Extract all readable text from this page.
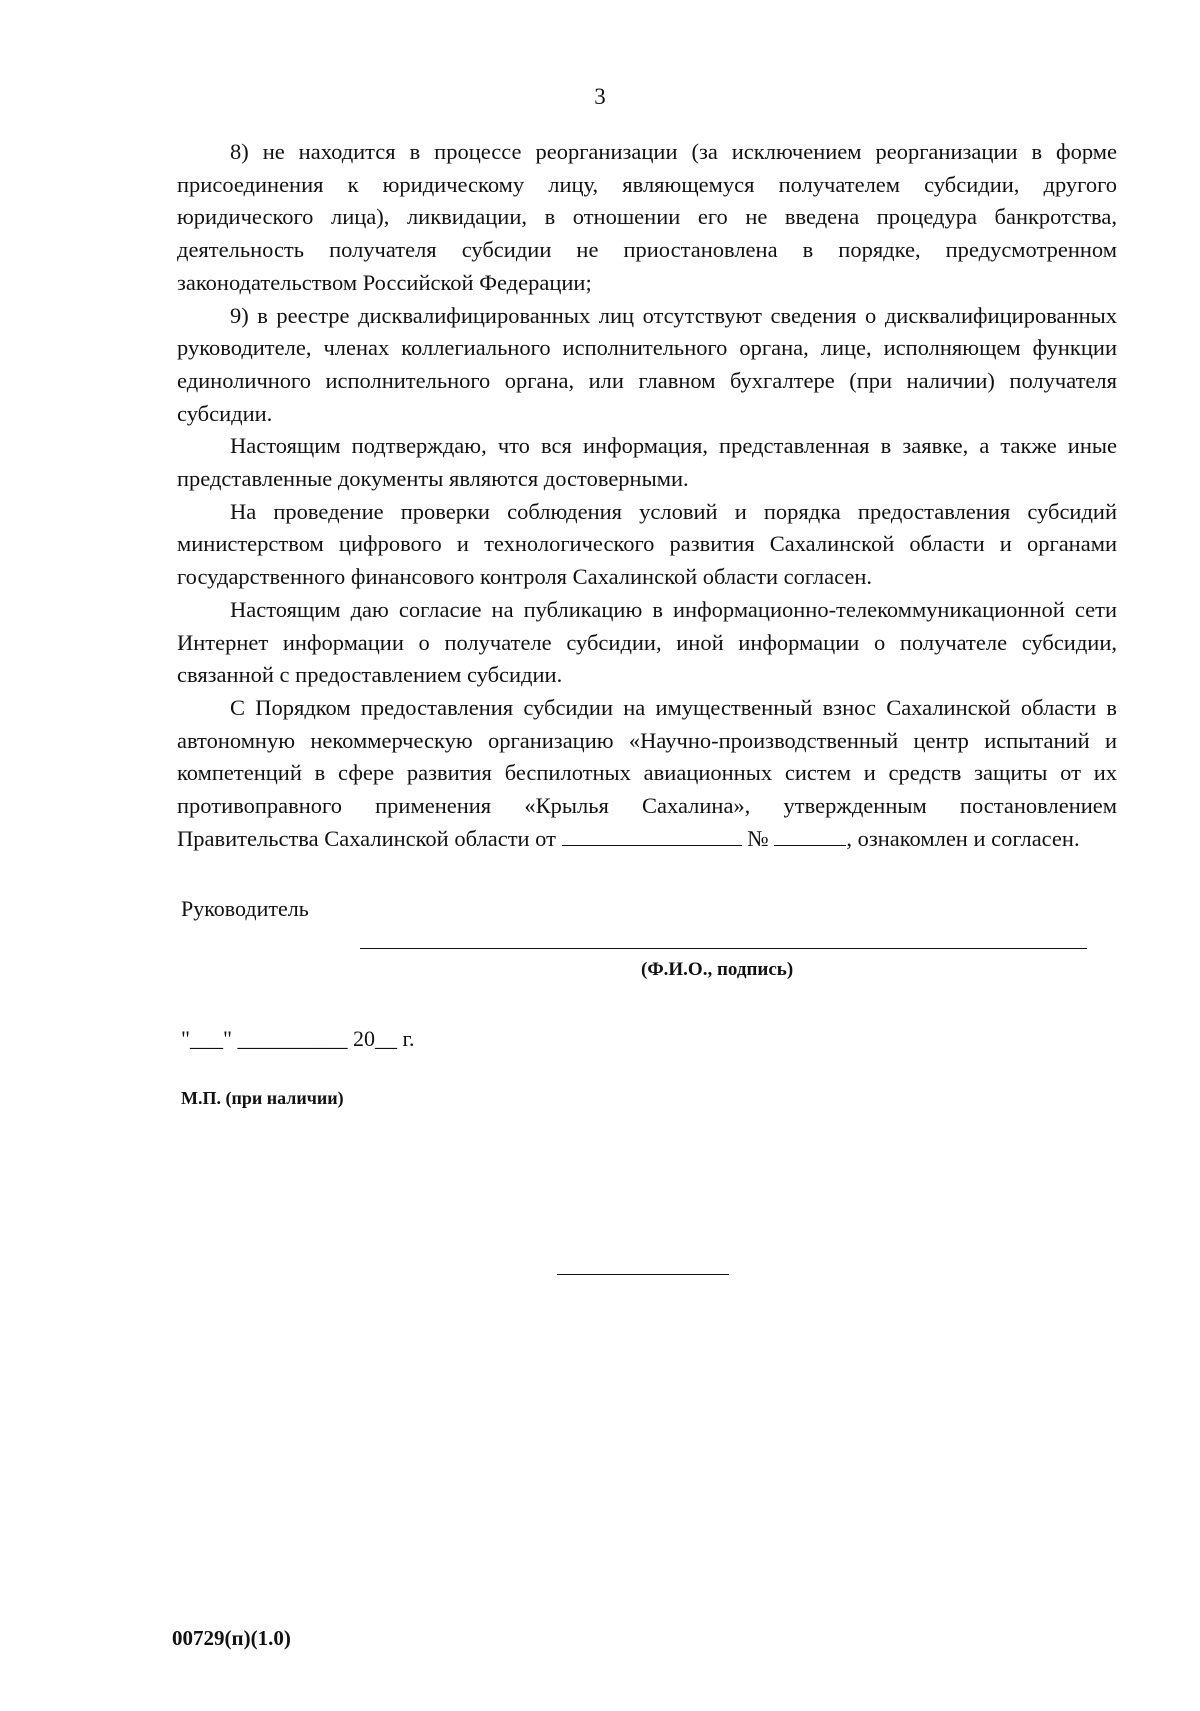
3

8) не находится в процессе реорганизации (за исключением реорганизации в форме присоединения к юридическому лицу, являющемуся получателем субсидии, другого юридического лица), ликвидации, в отношении его не введена процедура банкротства, деятельность получателя субсидии не приостановлена в порядке, предусмотренном законодательством Российской Федерации;

9) в реестре дисквалифицированных лиц отсутствуют сведения о дисквалифицированных руководителе, членах коллегиального исполнительного органа, лице, исполняющем функции единоличного исполнительного органа, или главном бухгалтере (при наличии) получателя субсидии.

Настоящим подтверждаю, что вся информация, представленная в заявке, а также иные представленные документы являются достоверными.

На проведение проверки соблюдения условий и порядка предоставления субсидий министерством цифрового и технологического развития Сахалинской области и органами государственного финансового контроля Сахалинской области согласен.

Настоящим даю согласие на публикацию в информационно-телекоммуникационной сети Интернет информации о получателе субсидии, иной информации о получателе субсидии, связанной с предоставлением субсидии.

С Порядком предоставления субсидии на имущественный взнос Сахалинской области в автономную некоммерческую организацию «Научно-производственный центр испытаний и компетенций в сфере развития беспилотных авиационных систем и средств защиты от их противоправного применения «Крылья Сахалина», утвержденным постановлением Правительства Сахалинской области от	№	, ознакомлен и согласен.

Руководитель
(Ф.И.О., подпись)
"___" __________ 20__ г.
М.П. (при наличии)
00729(п)(1.0)
